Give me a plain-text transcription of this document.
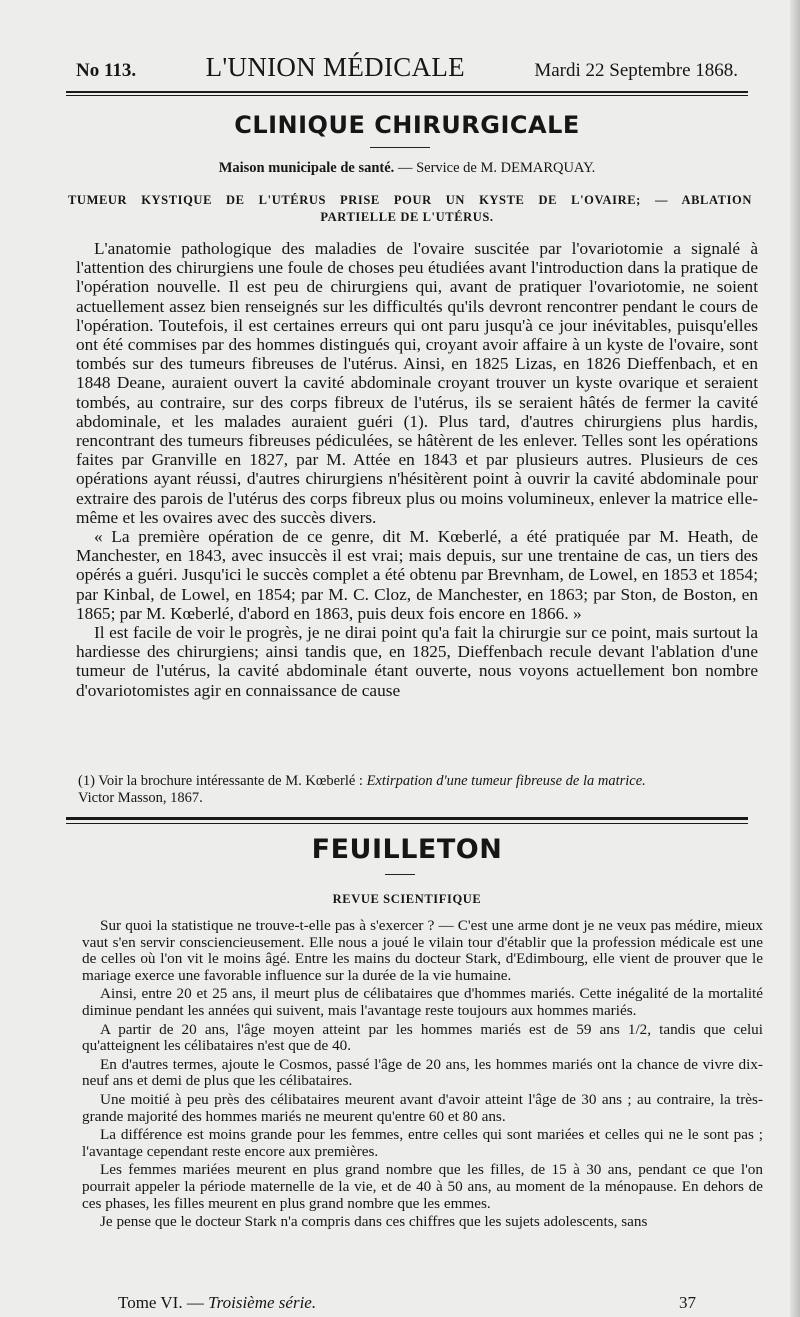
No 113.	L'UNION MÉDICALE	Mardi 22 Septembre 1868.
CLINIQUE CHIRURGICALE
Maison municipale de santé. — Service de M. DEMARQUAY.
TUMEUR KYSTIQUE DE L'UTÉRUS PRISE POUR UN KYSTE DE L'OVAIRE; — ABLATION
PARTIELLE DE L'UTÉRUS.

L'anatomie pathologique des maladies de l'ovaire suscitée par l'ovariotomie a signalé à l'attention des chirurgiens une foule de choses peu étudiées avant l'introduction dans la pratique de l'opération nouvelle. Il est peu de chirurgiens qui, avant de pratiquer l'ovariotomie, ne soient actuellement assez bien renseignés sur les difficultés qu'ils devront rencontrer pendant le cours de l'opération. Toutefois, il est certaines erreurs qui ont paru jusqu'à ce jour inévitables, puisqu'elles ont été commises par des hommes distingués qui, croyant avoir affaire à un kyste de l'ovaire, sont tombés sur des tumeurs fibreuses de l'utérus. Ainsi, en 1825 Lizas, en 1826 Dieffenbach, et en 1848 Deane, auraient ouvert la cavité abdominale croyant trouver un kyste ovarique et seraient tombés, au contraire, sur des corps fibreux de l'utérus, ils se seraient hâtés de fermer la cavité abdominale, et les malades auraient guéri (1). Plus tard, d'autres chirurgiens plus hardis, rencontrant des tumeurs fibreuses pédiculées, se hâtèrent de les enlever. Telles sont les opérations faites par Granville en 1827, par M. Attée en 1843 et par plusieurs autres. Plusieurs de ces opérations ayant réussi, d'autres chirurgiens n'hésitèrent point à ouvrir la cavité abdominale pour extraire des parois de l'utérus des corps fibreux plus ou moins volumineux, enlever la matrice elle-même et les ovaires avec des succès divers.

« La première opération de ce genre, dit M. Kœberlé, a été pratiquée par M. Heath, de Manchester, en 1843, avec insuccès il est vrai; mais depuis, sur une trentaine de cas, un tiers des opérés a guéri. Jusqu'ici le succès complet a été obtenu par Brevnham, de Lowel, en 1853 et 1854; par Kinbal, de Lowel, en 1854; par M. C. Cloz, de Manchester, en 1863; par Ston, de Boston, en 1865; par M. Kœberlé, d'abord en 1863, puis deux fois encore en 1866. »

Il est facile de voir le progrès, je ne dirai point qu'a fait la chirurgie sur ce point, mais surtout la hardiesse des chirurgiens; ainsi tandis que, en 1825, Dieffenbach recule devant l'ablation d'une tumeur de l'utérus, la cavité abdominale étant ouverte, nous voyons actuellement bon nombre d'ovariotomistes agir en connaissance de cause

(1) Voir la brochure intéressante de M. Kœberlé : Extirpation d'une tumeur fibreuse de la matrice.
Victor Masson, 1867.
FEUILLETON
REVUE SCIENTIFIQUE

Sur quoi la statistique ne trouve-t-elle pas à s'exercer ? — C'est une arme dont je ne veux pas médire, mieux vaut s'en servir consciencieusement. Elle nous a joué le vilain tour d'établir que la profession médicale est une de celles où l'on vit le moins âgé. Entre les mains du docteur Stark, d'Edimbourg, elle vient de prouver que le mariage exerce une favorable influence sur la durée de la vie humaine.

Ainsi, entre 20 et 25 ans, il meurt plus de célibataires que d'hommes mariés. Cette inégalité de la mortalité diminue pendant les années qui suivent, mais l'avantage reste toujours aux hommes mariés.

A partir de 20 ans, l'âge moyen atteint par les hommes mariés est de 59 ans 1/2, tandis que celui qu'atteignent les célibataires n'est que de 40.

En d'autres termes, ajoute le Cosmos, passé l'âge de 20 ans, les hommes mariés ont la chance de vivre dix-neuf ans et demi de plus que les célibataires.

Une moitié à peu près des célibataires meurent avant d'avoir atteint l'âge de 30 ans ; au contraire, la très-grande majorité des hommes mariés ne meurent qu'entre 60 et 80 ans.

La différence est moins grande pour les femmes, entre celles qui sont mariées et celles qui ne le sont pas ; l'avantage cependant reste encore aux premières.

Les femmes mariées meurent en plus grand nombre que les filles, de 15 à 30 ans, pendant ce que l'on pourrait appeler la période maternelle de la vie, et de 40 à 50 ans, au moment de la ménopause. En dehors de ces phases, les filles meurent en plus grand nombre que les emmes.

Je pense que le docteur Stark n'a compris dans ces chiffres que les sujets adolescents, sans

Tome VI. — Troisième série.	37
